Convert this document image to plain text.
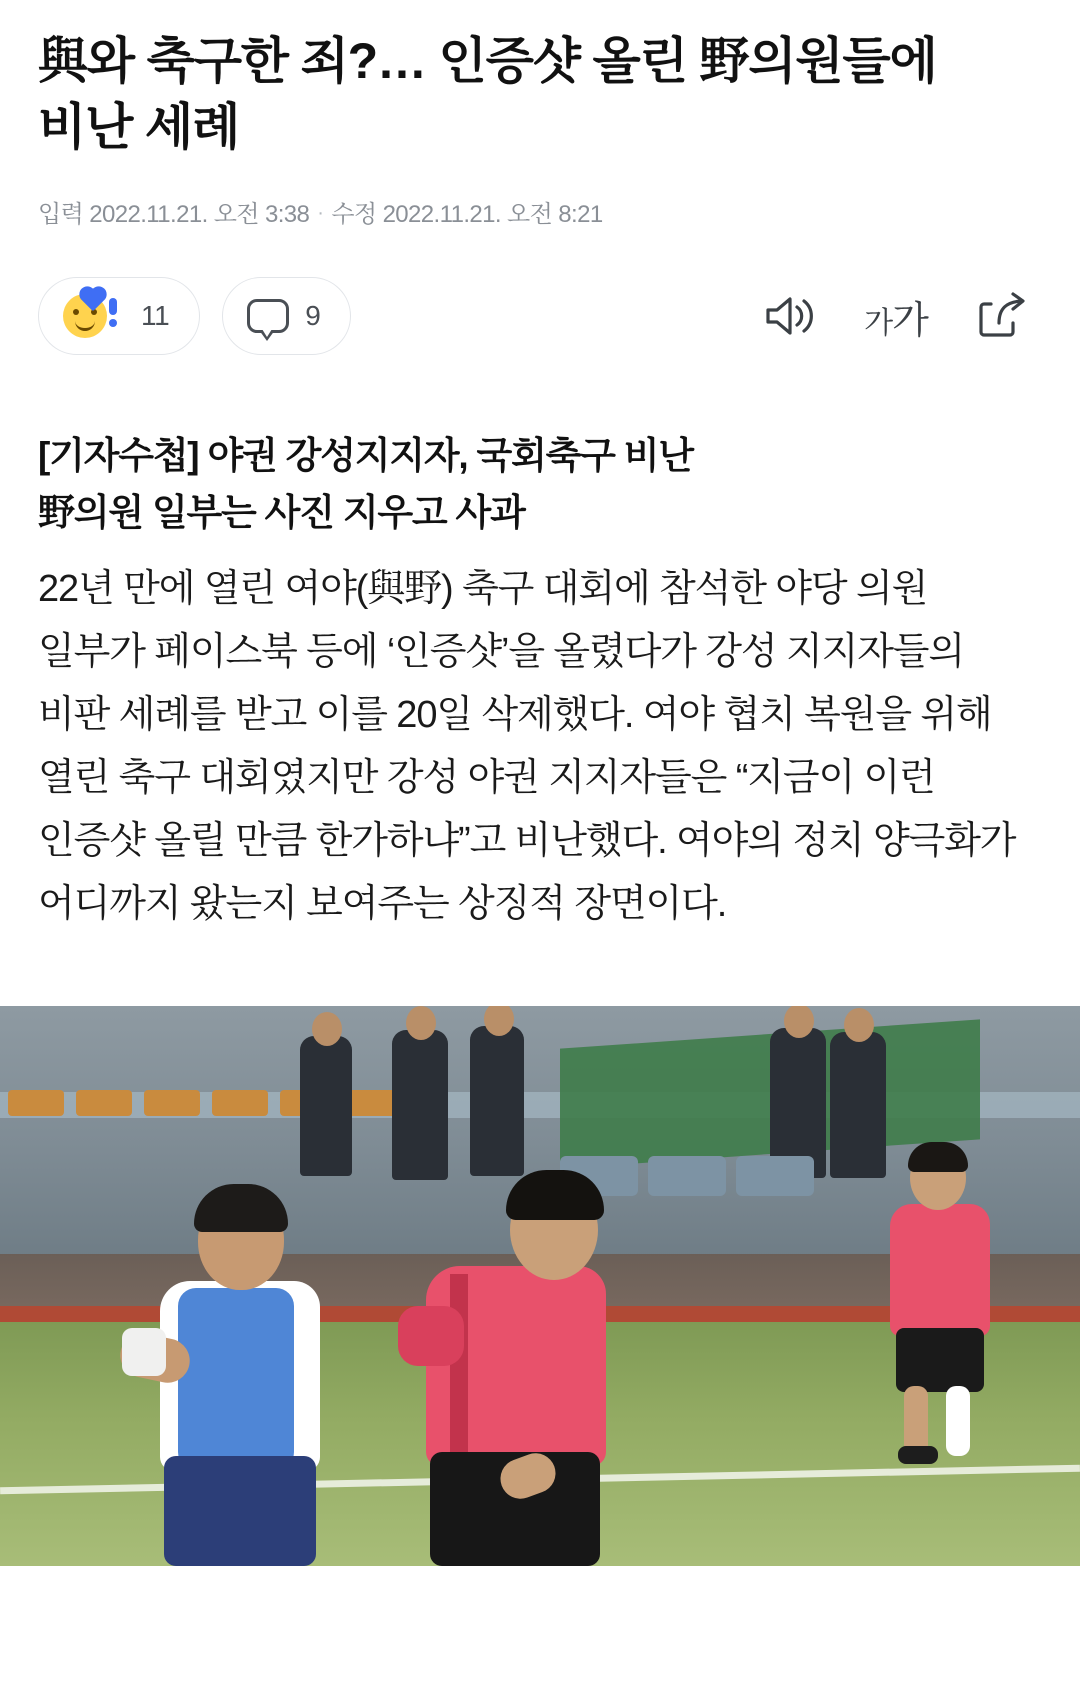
與와 축구한 죄?… 인증샷 올린 野의원들에 비난 세례
입력 2022.11.21. 오전 3:38 · 수정 2022.11.21. 오전 8:21
11	9	가가
[기자수첩] 야권 강성지지자, 국회축구 비난
野의원 일부는 사진 지우고 사과

22년 만에 열린 여야(與野) 축구 대회에 참석한 야당 의원 일부가 페이스북 등에 ‘인증샷’을 올렸다가 강성 지지자들의 비판 세례를 받고 이를 20일 삭제했다. 여야 협치 복원을 위해 열린 축구 대회였지만 강성 야권 지지자들은 “지금이 이런 인증샷 올릴 만큼 한가하냐”고 비난했다. 여야의 정치 양극화가 어디까지 왔는지 보여주는 상징적 장면이다.
